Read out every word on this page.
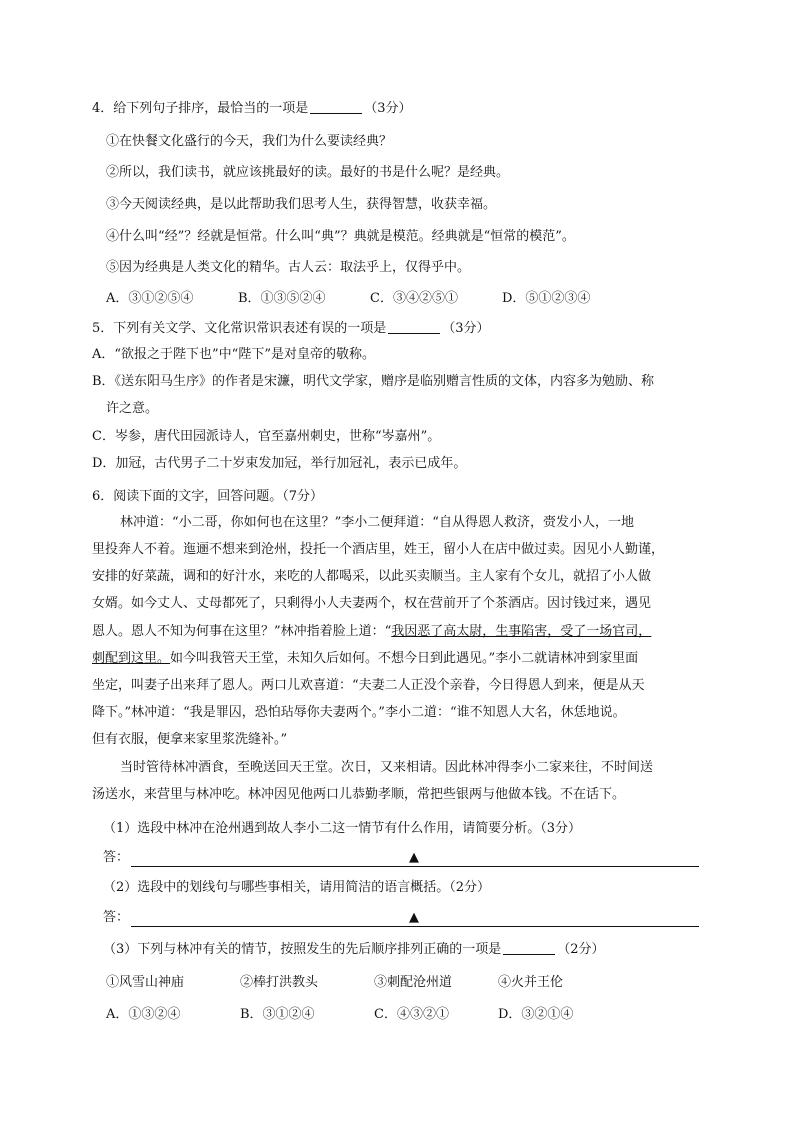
4．给下列句子排序，最恰当的一项是	（3分）
①在快餐文化盛行的今天，我们为什么要读经典？
②所以，我们读书，就应该挑最好的读。最好的书是什么呢？是经典。
③今天阅读经典，是以此帮助我们思考人生，获得智慧，收获幸福。
④什么叫“经”？经就是恒常。什么叫“典”？典就是模范。经典就是“恒常的模范”。
⑤因为经典是人类文化的精华。古人云：取法乎上，仅得乎中。
A．③①②⑤④	B．①③⑤②④	C．③④②⑤①	D．⑤①②③④
5．下列有关文学、文化常识常识表述有误的一项是	（3分）
A．“欲报之于陛下也”中“陛下”是对皇帝的敬称。
B．《送东阳马生序》的作者是宋濂，明代文学家，赠序是临别赠言性质的文体，内容多为勉励、称
许之意。
C．岑参，唐代田园派诗人，官至嘉州刺史，世称“岑嘉州”。
D．加冠，古代男子二十岁束发加冠，举行加冠礼，表示已成年。
6．阅读下面的文字，回答问题。（7分）
林冲道：“小二哥，你如何也在这里？”李小二便拜道：“自从得恩人救济，赍发小人，一地
里投奔人不着。迤逦不想来到沧州，投托一个酒店里，姓王，留小人在店中做过卖。因见小人勤谨，
安排的好菜蔬，调和的好汁水，来吃的人都喝采，以此买卖顺当。主人家有个女儿，就招了小人做
女婿。如今丈人、丈母都死了，只剩得小人夫妻两个，权在营前开了个茶酒店。因讨钱过来，遇见
恩人。恩人不知为何事在这里？”林冲指着脸上道：“我因恶了高太尉，生事陷害，受了一场官司，
刺配到这里。如今叫我管天王堂，未知久后如何。不想今日到此遇见。”李小二就请林冲到家里面
坐定，叫妻子出来拜了恩人。两口儿欢喜道：“夫妻二人正没个亲眷，今日得恩人到来，便是从天
降下。”林冲道：“我是罪囚，恐怕玷辱你夫妻两个。”李小二道：“谁不知恩人大名，休恁地说。
但有衣服，便拿来家里浆洗缝补。”
当时管待林冲酒食，至晚送回天王堂。次日，又来相请。因此林冲得李小二家来往，不时间送
汤送水，来营里与林冲吃。林冲因见他两口儿恭勤孝顺，常把些银两与他做本钱。不在话下。
（1）选段中林冲在沧州遇到故人李小二这一情节有什么作用，请简要分析。（3分）
答：	▲
（2）选段中的划线句与哪些事相关，请用简洁的语言概括。（2分）
答：	▲
（3）下列与林冲有关的情节，按照发生的先后顺序排列正确的一项是	（2分）
①风雪山神庙	②棒打洪教头	③刺配沧州道	④火并王伦
A．①③②④	B．③①②④	C．④③②①	D．③②①④
